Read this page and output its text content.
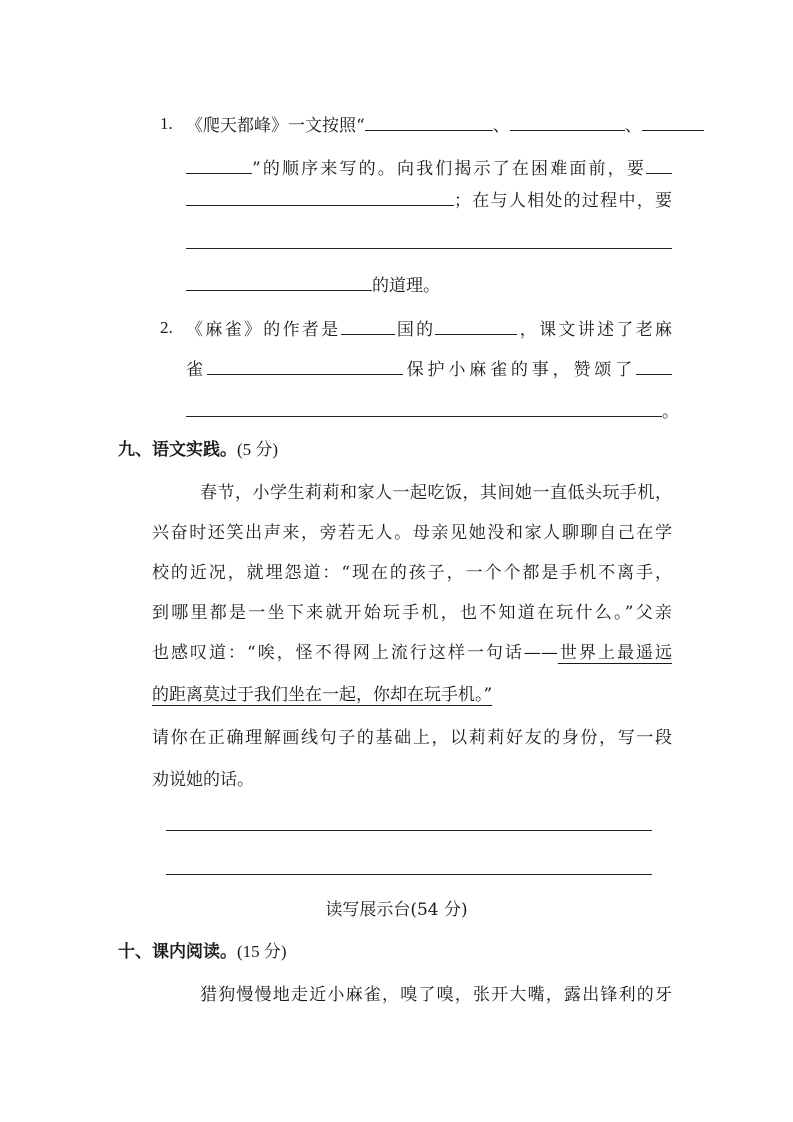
1. 《爬天都峰》一文按照“	、	、
”的顺序来写的。向我们揭示了在困难面前，要
；在与人相处的过程中，要
的道理。
2. 《麻雀》的作者是	国的	，课文讲述了老麻
雀	保护小麻雀的事，赞颂了
。
九、语文实践。(5 分)
春节，小学生莉莉和家人一起吃饭，其间她一直低头玩手机，
兴奋时还笑出声来，旁若无人。母亲见她没和家人聊聊自己在学
校的近况，就埋怨道：“现在的孩子，一个个都是手机不离手，
到哪里都是一坐下来就开始玩手机，也不知道在玩什么。”父亲
也感叹道：“唉，怪不得网上流行这样一句话——世界上最遥远
的距离莫过于我们坐在一起，你却在玩手机。”
请你在正确理解画线句子的基础上，以莉莉好友的身份，写一段
劝说她的话。
读写展示台(54 分)
十、课内阅读。(15 分)
猎狗慢慢地走近小麻雀，嗅了嗅，张开大嘴，露出锋利的牙
